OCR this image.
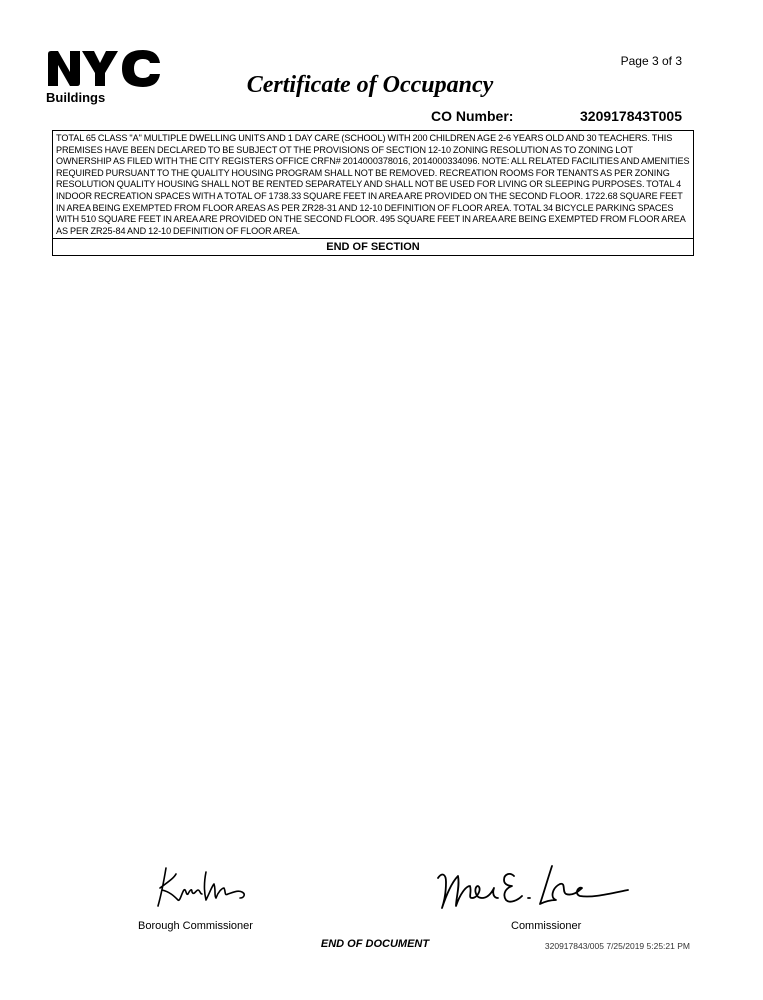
Buildings
Page 3 of 3
Certificate of Occupancy
CO Number:	320917843T005
TOTAL 65 CLASS "A" MULTIPLE DWELLING UNITS AND 1 DAY CARE (SCHOOL) WITH 200 CHILDREN AGE 2-6 YEARS OLD AND 30 TEACHERS. THIS PREMISES HAVE BEEN DECLARED TO BE SUBJECT OT THE PROVISIONS OF SECTION 12-10 ZONING RESOLUTION AS TO ZONING LOT OWNERSHIP AS FILED WITH THE CITY REGISTERS OFFICE CRFN# 2014000378016, 2014000334096. NOTE: ALL RELATED FACILITIES AND AMENITIES REQUIRED PURSUANT TO THE QUALITY HOUSING PROGRAM SHALL NOT BE REMOVED. RECREATION ROOMS FOR TENANTS AS PER ZONING RESOLUTION QUALITY HOUSING SHALL NOT BE RENTED SEPARATELY AND SHALL NOT BE USED FOR LIVING OR SLEEPING PURPOSES. TOTAL 4 INDOOR RECREATION SPACES WITH A TOTAL OF 1738.33 SQUARE FEET IN AREA ARE PROVIDED ON THE SECOND FLOOR. 1722.68 SQUARE FEET IN AREA BEING EXEMPTED FROM FLOOR AREAS AS PER ZR28-31 AND 12-10 DEFINITION OF FLOOR AREA. TOTAL 34 BICYCLE PARKING SPACES WITH 510 SQUARE FEET IN AREA ARE PROVIDED ON THE SECOND FLOOR. 495 SQUARE FEET IN AREA ARE BEING EXEMPTED FROM FLOOR AREA AS PER ZR25-84 AND 12-10 DEFINITION OF FLOOR AREA.
END OF SECTION
Borough Commissioner	Commissioner
END OF DOCUMENT	320917843/005 7/25/2019 5:25:21 PM
